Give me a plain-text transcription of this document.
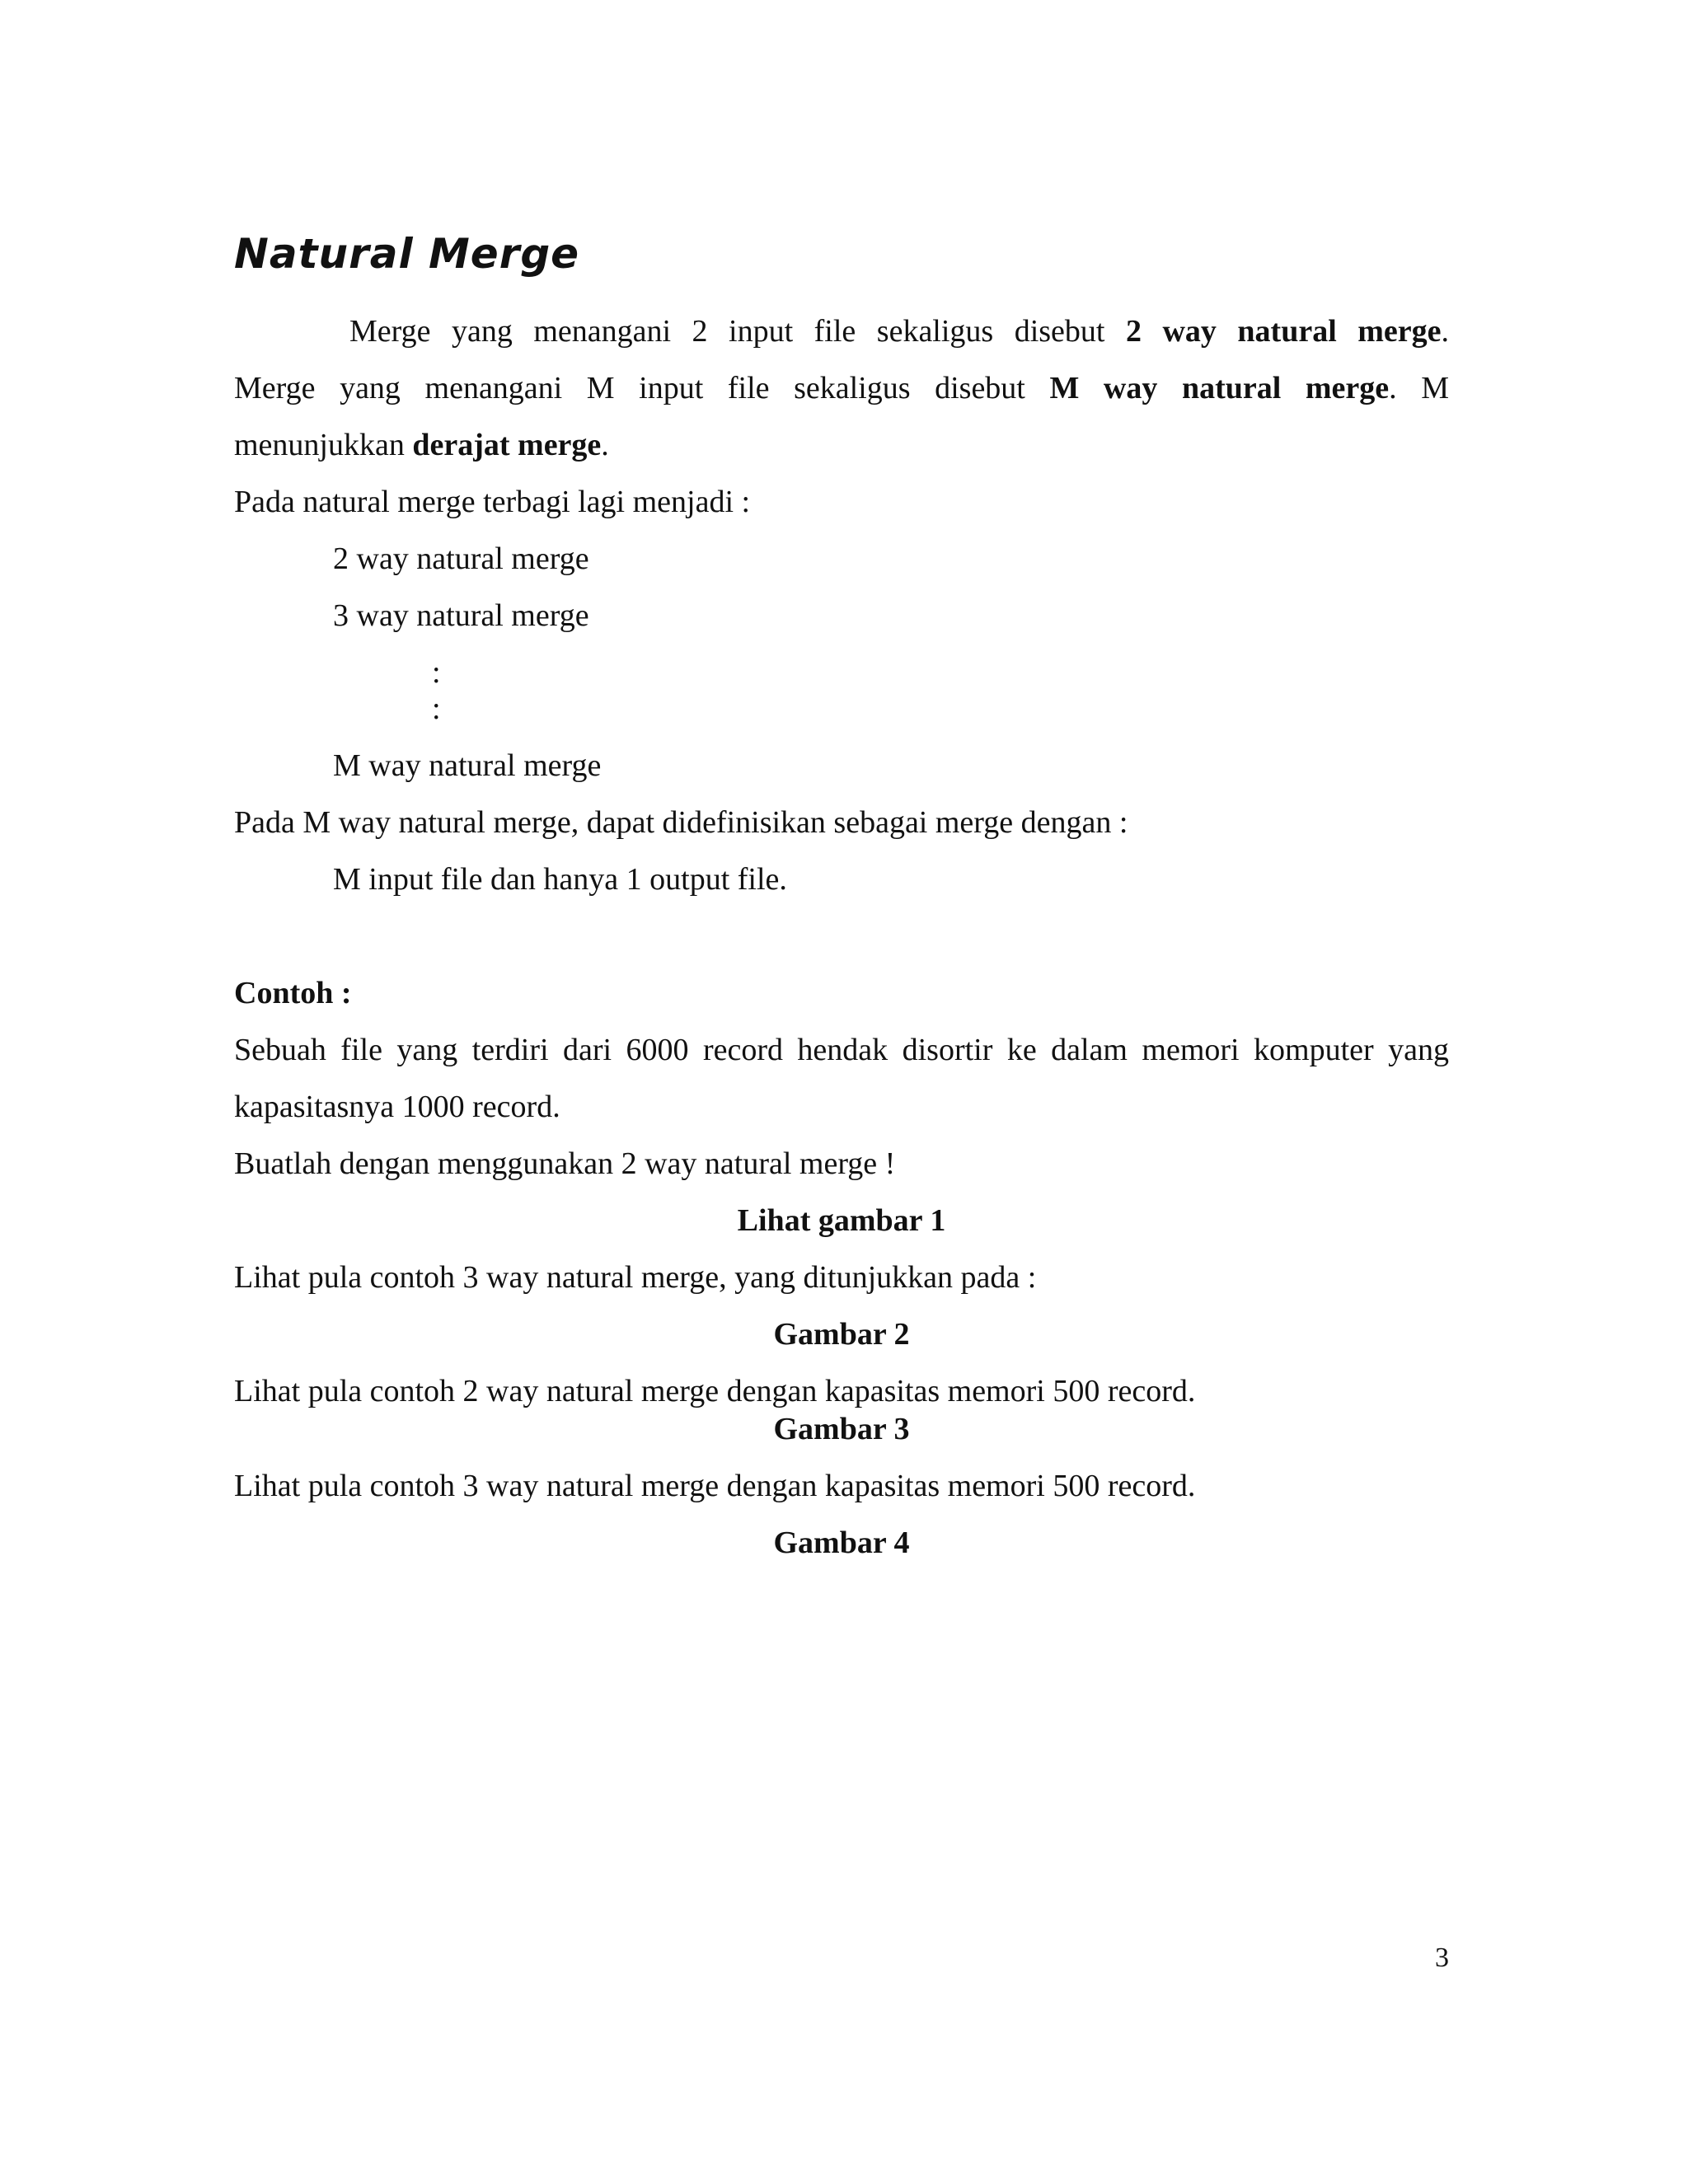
Natural Merge
Merge yang menangani 2 input file sekaligus disebut 2 way natural merge.
Merge yang menangani M input file sekaligus disebut M way natural merge. M
menunjukkan derajat merge.
Pada natural merge terbagi lagi menjadi :
2 way natural merge
3 way natural merge
:
:
M way natural merge
Pada M way natural merge, dapat didefinisikan sebagai merge dengan :
M input file dan hanya 1 output file.
Contoh :
Sebuah file yang terdiri dari 6000 record hendak disortir ke dalam memori komputer yang
kapasitasnya 1000 record.
Buatlah dengan menggunakan 2 way natural merge !
Lihat gambar 1
Lihat pula contoh 3 way natural merge, yang ditunjukkan pada :
Gambar 2
Lihat pula contoh 2 way natural merge dengan kapasitas memori 500 record.
Gambar 3
Lihat pula contoh 3 way natural merge dengan kapasitas memori 500 record.
Gambar 4
3
